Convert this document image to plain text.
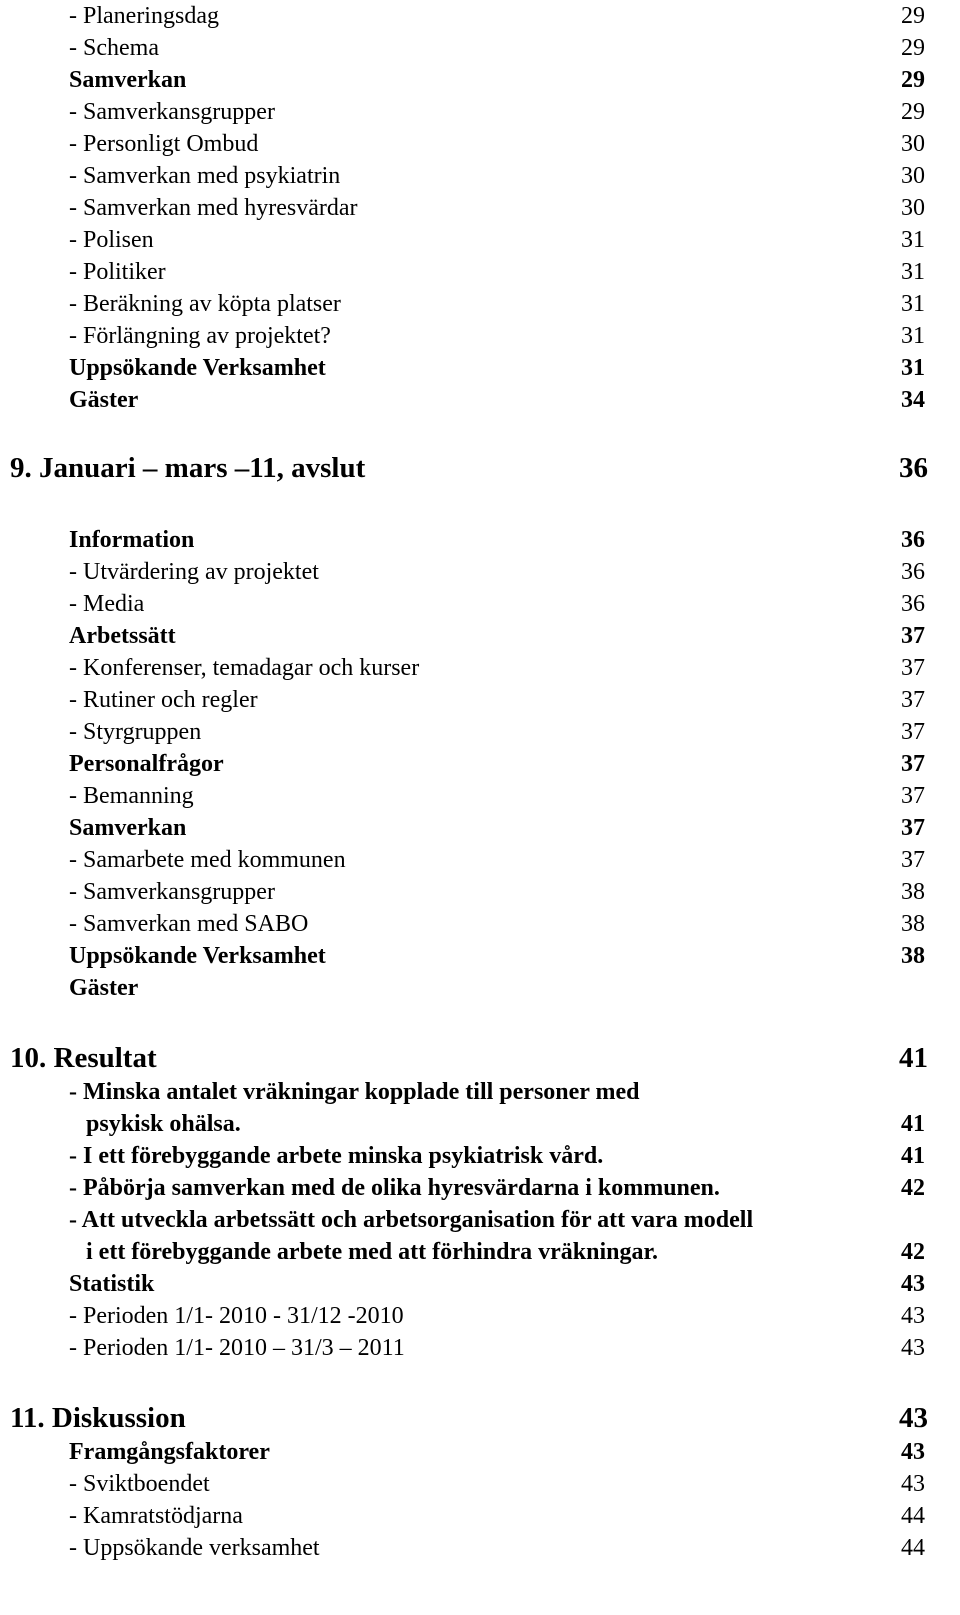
- Planeringsdag	29
- Schema	29
Samverkan	29
- Samverkansgrupper	29
- Personligt Ombud	30
- Samverkan med psykiatrin	30
- Samverkan med hyresvärdar	30
- Polisen	31
- Politiker	31
- Beräkning av köpta platser	31
- Förlängning av projektet?	31
Uppsökande Verksamhet	31
Gäster	34
9. Januari – mars –11, avslut	36
Information	36
- Utvärdering av projektet	36
- Media	36
Arbetssätt	37
- Konferenser, temadagar och kurser	37
- Rutiner och regler	37
- Styrgruppen	37
Personalfrågor	37
- Bemanning	37
Samverkan	37
- Samarbete med kommunen	37
- Samverkansgrupper	38
- Samverkan med SABO	38
Uppsökande Verksamhet	38
Gäster
10. Resultat	41
- Minska antalet vräkningar kopplade till personer med
psykisk ohälsa.	41
- I ett förebyggande arbete minska psykiatrisk vård.	41
- Påbörja samverkan med de olika hyresvärdarna i kommunen.	42
- Att utveckla arbetssätt och arbetsorganisation för att vara modell
i ett förebyggande arbete med att förhindra vräkningar.	42
Statistik	43
- Perioden 1/1- 2010 - 31/12 -2010	43
- Perioden 1/1- 2010 – 31/3 – 2011	43
11. Diskussion	43
Framgångsfaktorer	43
- Sviktboendet	43
- Kamratstödjarna	44
- Uppsökande verksamhet	44
